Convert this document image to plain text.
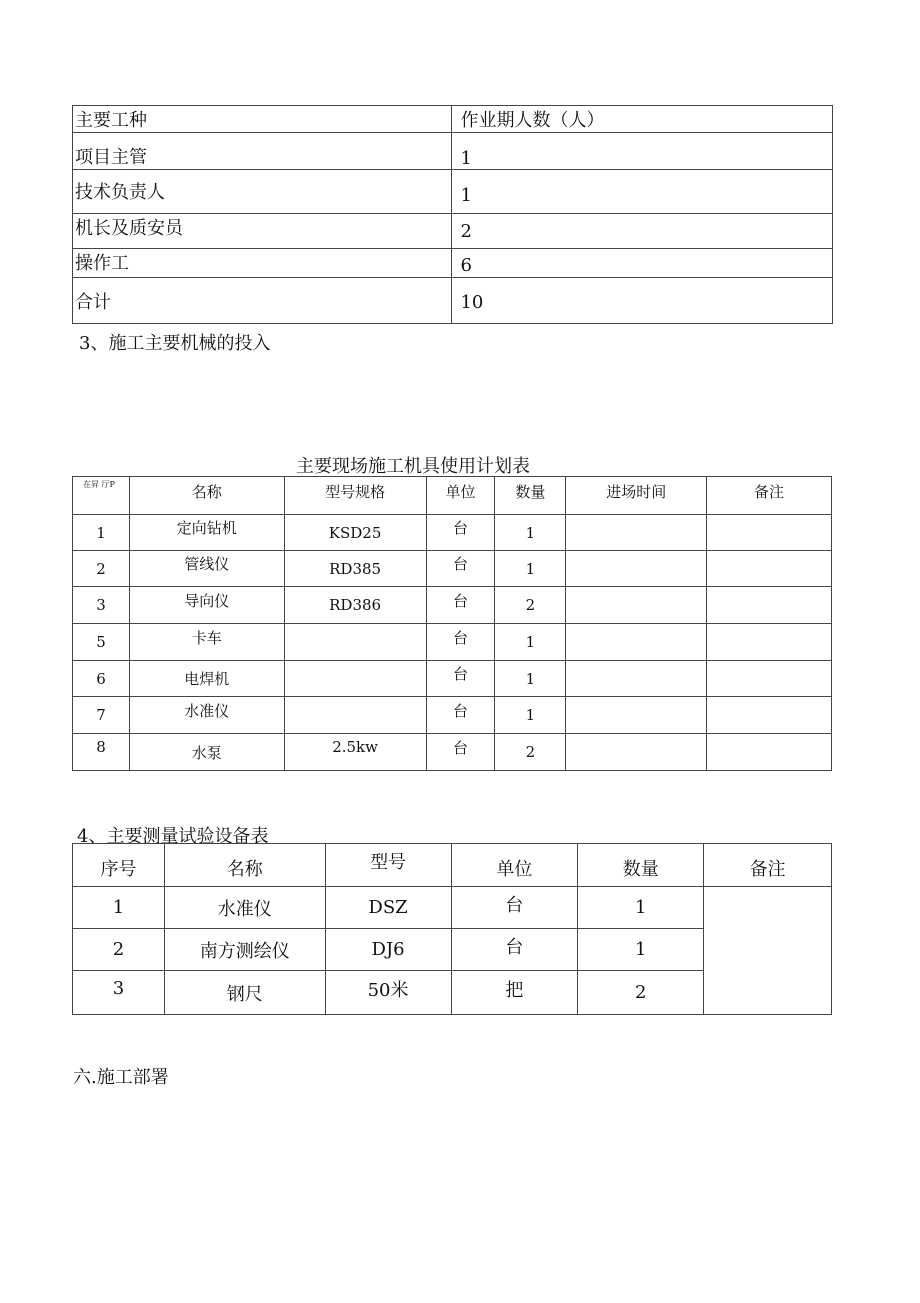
主要工种	作业期人数（人）
项目主管	1
技术负责人	1
机长及质安员	2
操作工	6
合计	10
3、施工主要机械的投入
主要现场施工机具使用计划表
在昇 厅P	名称	型号规格	单位	数量	进场时间	备注
1	定向钻机	KSD25	台	1		
2	管线仪	RD385	台	1		
3	导向仪	RD386	台	2		
5	卡车		台	1		
6	电焊机		台	1		
7	水准仪		台	1		
8	水泵	2.5kw	台	2		
4、主要测量试验设备表
序号	名称	型号	单位	数量	备注
1	水准仪	DSZ	台	1	
2	南方测绘仪	DJ6	台	1	
3	钢尺	50米	把	2	
六.施工部署
